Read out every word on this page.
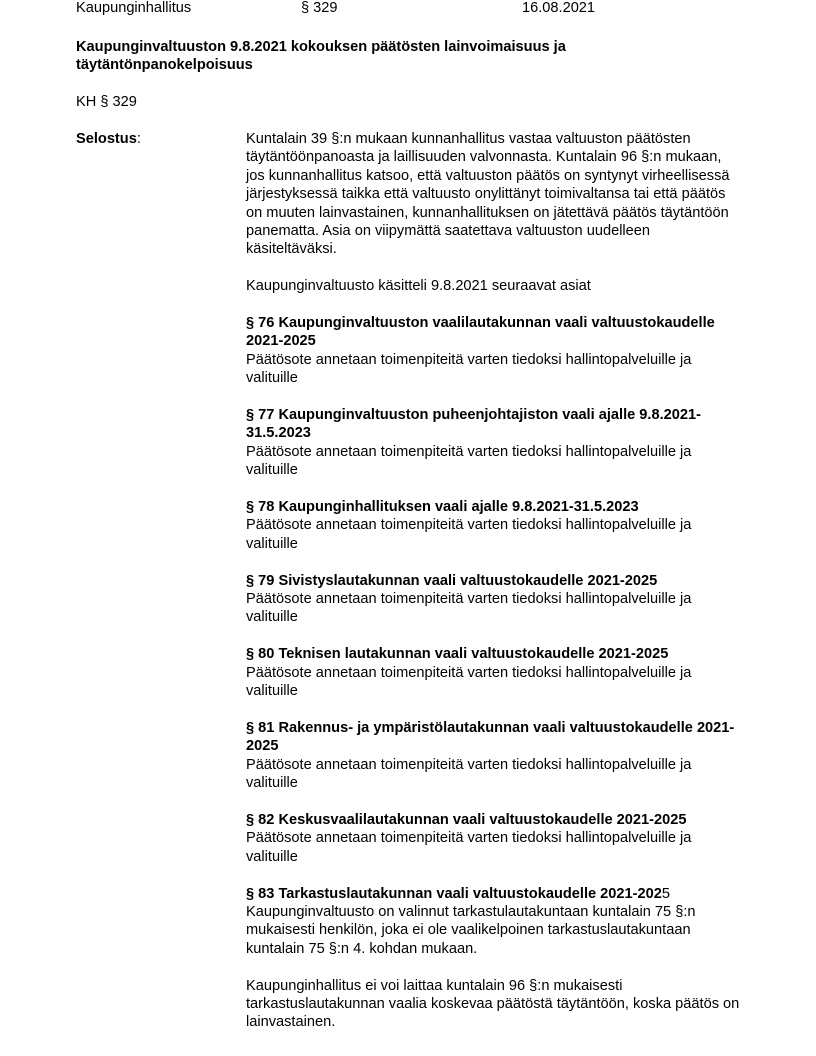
Kaupunginhallitus	§ 329	16.08.2021
Kaupunginvaltuuston 9.8.2021 kokouksen päätösten lainvoimaisuus ja täytäntönpanokelpoisuus
KH § 329
Selostus:	Kuntalain 39 §:n mukaan kunnanhallitus vastaa valtuuston päätösten täytäntöönpanoasta ja laillisuuden valvonnasta. Kuntalain 96 §:n mukaan, jos kunnanhallitus katsoo, että valtuuston päätös on syntynyt virheellisessä järjestyksessä taikka että valtuusto onylittänyt toimivaltansa tai että päätös on muuten lainvastainen, kunnanhallituksen on jätettävä päätös täytäntöön panematta. Asia on viipymättä saatettava valtuuston uudelleen käsiteltäväksi.

Kaupunginvaltuusto käsitteli 9.8.2021 seuraavat asiat

§ 76 Kaupunginvaltuuston vaalilautakunnan vaali valtuustokaudelle 2021-2025

Päätösote annetaan toimenpiteitä varten tiedoksi hallintopalveluille ja valituille

§ 77 Kaupunginvaltuuston puheenjohtajiston vaali ajalle 9.8.2021-31.5.2023

Päätösote annetaan toimenpiteitä varten tiedoksi hallintopalveluille ja valituille

§ 78 Kaupunginhallituksen vaali ajalle 9.8.2021-31.5.2023

Päätösote annetaan toimenpiteitä varten tiedoksi hallintopalveluille ja valituille

§ 79 Sivistyslautakunnan vaali valtuustokaudelle 2021-2025

Päätösote annetaan toimenpiteitä varten tiedoksi hallintopalveluille ja valituille

§ 80 Teknisen lautakunnan vaali valtuustokaudelle 2021-2025

Päätösote annetaan toimenpiteitä varten tiedoksi hallintopalveluille ja valituille

§ 81 Rakennus- ja ympäristölautakunnan vaali valtuustokaudelle 2021-2025

Päätösote annetaan toimenpiteitä varten tiedoksi hallintopalveluille ja valituille

§ 82 Keskusvaalilautakunnan vaali valtuustokaudelle 2021-2025

Päätösote annetaan toimenpiteitä varten tiedoksi hallintopalveluille ja valituille

§ 83 Tarkastuslautakunnan vaali valtuustokaudelle 2021-2025

Kaupunginvaltuusto on valinnut tarkastulautakuntaan kuntalain 75 §:n mukaisesti henkilön, joka ei ole vaalikelpoinen tarkastuslautakuntaan kuntalain 75 §:n 4. kohdan mukaan.

Kaupunginhallitus ei voi laittaa kuntalain 96 §:n mukaisesti tarkastuslautakunnan vaalia koskevaa päätöstä täytäntöön, koska päätös on lainvastainen.
